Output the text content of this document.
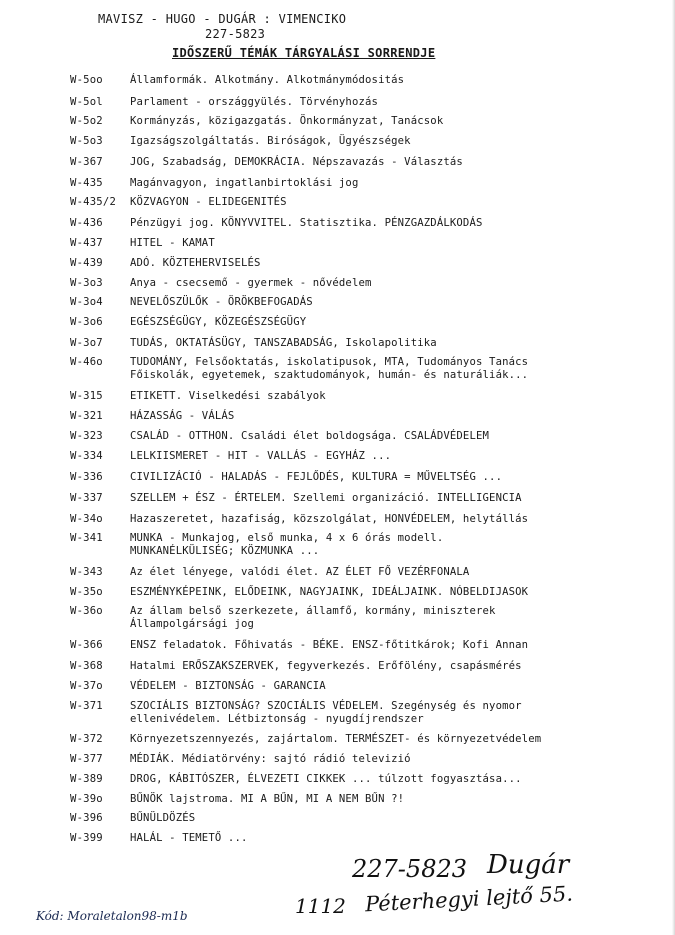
MAVISZ - HUGO - DUGÁR : VIMENCIKO
227-5823
IDŐSZERŰ TÉMÁK TÁRGYALÁSI SORRENDJE
W-5oo	Államformák. Alkotmány. Alkotmánymódositás
W-5ol	Parlament - országgyülés. Törvényhozás
W-5o2	Kormányzás, közigazgatás. Önkormányzat, Tanácsok
W-5o3	Igazságszolgáltatás. Biróságok, Ügyészségek
W-367	JOG, Szabadság, DEMOKRÁCIA. Népszavazás - Választás
W-435	Magánvagyon, ingatlanbirtoklási jog
W-435/2 KÖZVAGYON - ELIDEGENITÉS
W-436	Pénzügyi jog. KÖNYVVITEL. Statisztika. PÉNZGAZDÁLKODÁS
W-437	HITEL - KAMAT
W-439	ADÓ. KÖZTEHERVISELÉS
W-3o3	Anya - csecsemő - gyermek - nővédelem
W-3o4	NEVELŐSZÜLŐK - ÖRÖKBEFOGADÁS
W-3o6	EGÉSZSÉGÜGY, KÖZEGÉSZSÉGÜGY
W-3o7	TUDÁS, OKTATÁSÜGY, TANSZABADSÁG, Iskolapolitika
W-46o	TUDOMÁNY, Felsőoktatás, iskolatipusok, MTA, Tudományos Tanács
Főiskolák, egyetemek, szaktudományok, humán- és naturáliák...
W-315	ETIKETT. Viselkedési szabályok
W-321	HÁZASSÁG - VÁLÁS
W-323	CSALÁD - OTTHON. Családi élet boldogsága. CSALÁDVÉDELEM
W-334	LELKIISMERET - HIT - VALLÁS - EGYHÁZ ...
W-336	CIVILIZÁCIÓ - HALADÁS - FEJLŐDÉS, KULTURA = MŰVELTSÉG ...
W-337	SZELLEM + ÉSZ - ÉRTELEM. Szellemi organizáció. INTELLIGENCIA
W-34o	Hazaszeretet, hazafiság, közszolgálat, HONVÉDELEM, helytállás
W-341	MUNKA - Munkajog, első munka, 4 x 6 órás modell.
MUNKANÉLKÜLISÉG; KÖZMUNKA ...
W-343	Az élet lényege, valódi élet. AZ ÉLET FŐ VEZÉRFONALA
W-35o	ESZMÉNYKÉPEINK, ELŐDEINK, NAGYJAINK, IDEÁLJAINK. NÓBELDIJASOK
W-36o	Az állam belső szerkezete, államfő, kormány, miniszterek
Állampolgársági jog
W-366	ENSZ feladatok. Főhivatás - BÉKE. ENSZ-főtitkárok; Kofi Annan
W-368	Hatalmi ERŐSZAKSZERVEK, fegyverkezés. Erőfölény, csapásmérés
W-37o	VÉDELEM - BIZTONSÁG - GARANCIA
W-371	SZOCIÁLIS BIZTONSÁG? SZOCIÁLIS VÉDELEM. Szegénység és nyomor
ellenivédelem. Létbiztonság - nyugdíjrendszer
W-372	Környezetszennyezés, zajártalom. TERMÉSZET- és környezetvédelem
W-377	MÉDIÁK. Médiatörvény: sajtó rádió televizió
W-389	DROG, KÁBITÓSZER, ÉLVEZETI CIKKEK ... túlzott fogyasztása...
W-39o	BŰNÖK lajstroma. MI A BŰN, MI A NEM BŰN ?!
W-396	BŰNÜLDÖZÉS
W-399	HALÁL - TEMETŐ ...
227-5823 Dugár
1112 Péterhegyi lejtő 55.
Kód: Moraletalon98-m1b
